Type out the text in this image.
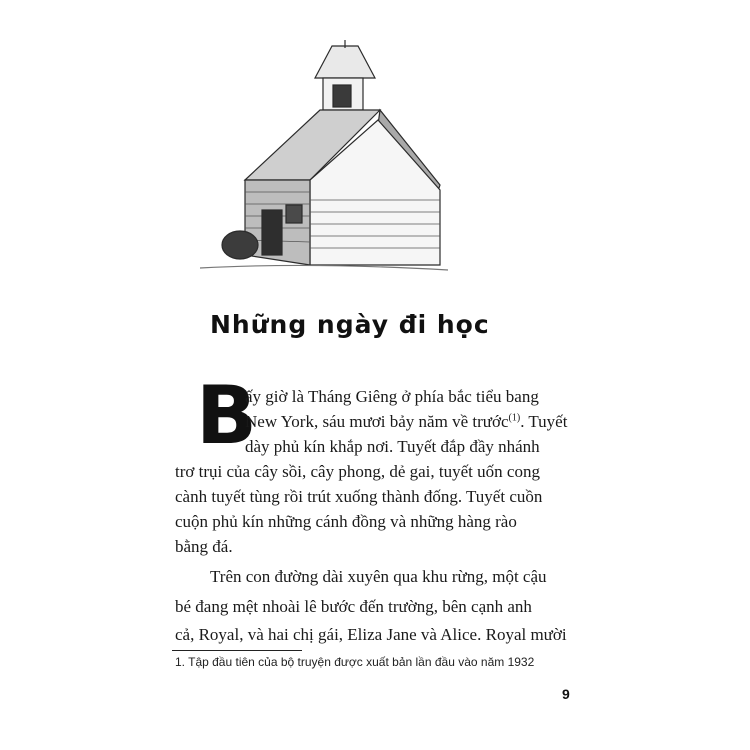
Những ngày đi học
B
ấy giờ là Tháng Giêng ở phía bắc tiểu bang
New York, sáu mươi bảy năm về trước$^{(1)}$. Tuyết
dày phủ kín khắp nơi. Tuyết đắp đầy nhánh
trơ trụi của cây sồi, cây phong, dẻ gai, tuyết uốn cong
cành tuyết tùng rồi trút xuống thành đống. Tuyết cuồn
cuộn phủ kín những cánh đồng và những hàng rào
bằng đá.
Trên con đường dài xuyên qua khu rừng, một cậu
bé đang mệt nhoài lê bước đến trường, bên cạnh anh
cả, Royal, và hai chị gái, Eliza Jane và Alice. Royal mười
1. Tập đầu tiên của bộ truyện được xuất bản lần đầu vào năm 1932
9
